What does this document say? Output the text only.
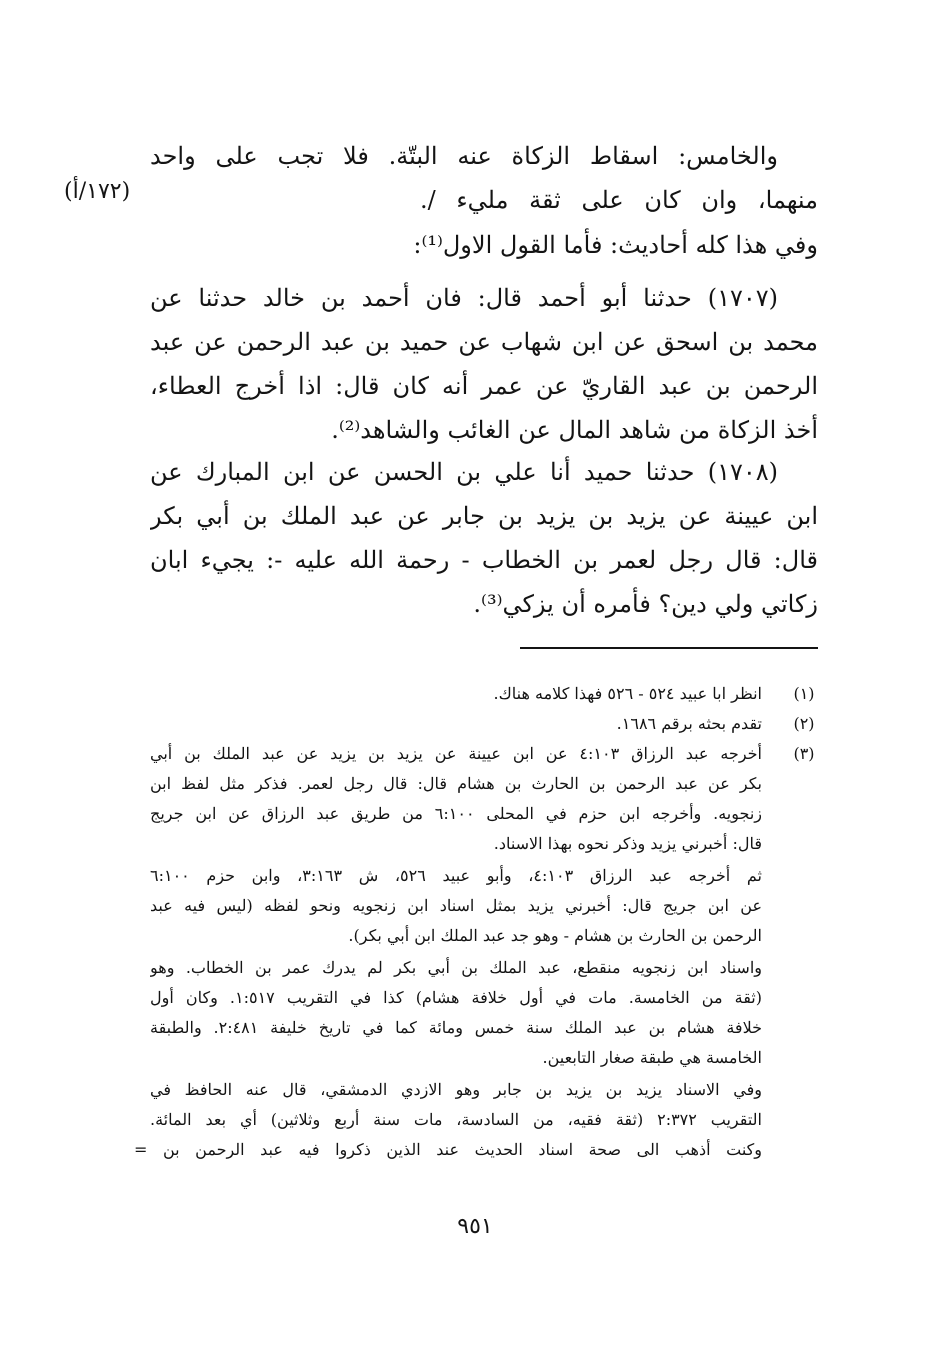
(١٧٢/أ)
والخامس: اسقاط الزكاة عنه البتّة. فلا تجب على واحد
منهما، وان كان على ثقة مليء /.
وفي هذا كله أحاديث: فأما القول الاول⁽¹⁾:
(١٧٠٧) حدثنا أبو أحمد قال: فان أحمد بن خالد حدثنا عن
محمد بن اسحق عن ابن شهاب عن حميد بن عبد الرحمن عن عبد
الرحمن بن عبد القاريّ عن عمر أنه كان قال: اذا أخرج العطاء،
أخذ الزكاة من شاهد المال عن الغائب والشاهد⁽²⁾.
(١٧٠٨) حدثنا حميد أنا علي بن الحسن عن ابن المبارك عن
ابن عيينة عن يزيد بن يزيد بن جابر عن عبد الملك بن أبي بكر
قال: قال رجل لعمر بن الخطاب - رحمة الله عليه -: يجيء ابان
زكاتي ولي دين؟ فأمره أن يزكي⁽³⁾.
(١)
انظر ابا عبيد ٥٢٤ - ٥٢٦ فهذا كلامه هناك.
(٢)
تقدم بحثه برقم ١٦٨٦.
(٣)
أخرجه عبد الرزاق ٤:١٠٣ عن ابن عيينة عن يزيد بن يزيد عن عبد الملك بن أبي
بكر عن عبد الرحمن بن الحارث بن هشام قال: قال رجل لعمر. فذكر مثل لفظ ابن
زنجويه. وأخرجه ابن حزم في المحلى ٦:١٠٠ من طريق عبد الرزاق عن ابن جريج
قال: أخبرني يزيد وذكر نحوه بهذا الاسناد.
ثم أخرجه عبد الرزاق ٤:١٠٣، وأبو عبيد ٥٢٦، ش ٣:١٦٣، وابن حزم ٦:١٠٠
عن ابن جريج قال: أخبرني يزيد بمثل اسناد ابن زنجويه ونحو لفظه (ليس فيه عبد
الرحمن بن الحارث بن هشام - وهو جد عبد الملك ابن أبي بكر).
واسناد ابن زنجويه منقطع، عبد الملك بن أبي بكر لم يدرك عمر بن الخطاب. وهو
(ثقة من الخامسة. مات في أول خلافة هشام) كذا في التقريب ١:٥١٧. وكان أول
خلافة هشام بن عبد الملك سنة خمس ومائة كما في تاريخ خليفة ٢:٤٨١. والطبقة
الخامسة هي طبقة صغار التابعين.
وفي الاسناد يزيد بن يزيد بن جابر وهو الازدي الدمشقي، قال عنه الحافظ في
التقريب ٢:٣٧٢ (ثقة فقيه، من السادسة، مات سنة أربع وثلاثين) أي بعد المائة.
وكنت أذهب الى صحة اسناد الحديث عند الذين ذكروا فيه عبد الرحمن بن =
٩٥١
